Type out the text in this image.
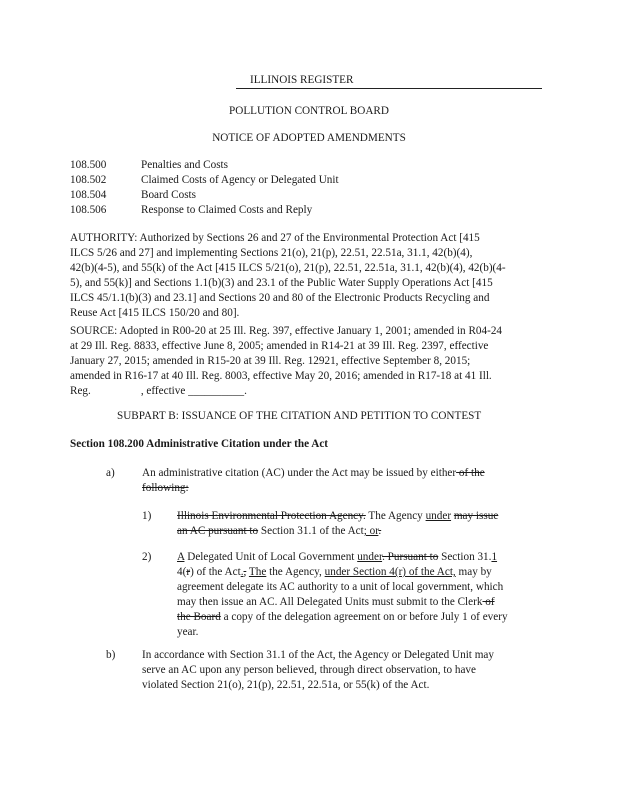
ILLINOIS REGISTER
POLLUTION CONTROL BOARD
NOTICE OF ADOPTED AMENDMENTS
108.500	Penalties and Costs
108.502	Claimed Costs of Agency or Delegated Unit
108.504	Board Costs
108.506	Response to Claimed Costs and Reply
AUTHORITY: Authorized by Sections 26 and 27 of the Environmental Protection Act [415
ILCS 5/26 and 27] and implementing Sections 21(o), 21(p), 22.51, 22.51a, 31.1, 42(b)(4),
42(b)(4-5), and 55(k) of the Act [415 ILCS 5/21(o), 21(p), 22.51, 22.51a, 31.1, 42(b)(4), 42(b)(4-
5), and 55(k)] and Sections 1.1(b)(3) and 23.1 of the Public Water Supply Operations Act [415
ILCS 45/1.1(b)(3) and 23.1] and Sections 20 and 80 of the Electronic Products Recycling and
Reuse Act [415 ILCS 150/20 and 80].
SOURCE: Adopted in R00-20 at 25 Ill. Reg. 397, effective January 1, 2001; amended in R04-24
at 29 Ill. Reg. 8833, effective June 8, 2005; amended in R14-21 at 39 Ill. Reg. 2397, effective
January 27, 2015; amended in R15-20 at 39 Ill. Reg. 12921, effective September 8, 2015;
amended in R16-17 at 40 Ill. Reg. 8003, effective May 20, 2016; amended in R17-18 at 41 Ill.
Reg.	, effective __________.
SUBPART B: ISSUANCE OF THE CITATION AND PETITION TO CONTEST
Section 108.200 Administrative Citation under the Act
a) An administrative citation (AC) under the Act may be issued by either of the
following:
1) Illinois Environmental Protection Agency. The Agency under may issue
an AC pursuant to Section 31.1 of the Act; or.
2) A Delegated Unit of Local Government under. Pursuant to Section 31.1
4(r) of the Act., The the Agency, under Section 4(r) of the Act, may by
agreement delegate its AC authority to a unit of local government, which
may then issue an AC. All Delegated Units must submit to the Clerk of
the Board a copy of the delegation agreement on or before July 1 of every
year.
b) In accordance with Section 31.1 of the Act, the Agency or Delegated Unit may
serve an AC upon any person believed, through direct observation, to have
violated Section 21(o), 21(p), 22.51, 22.51a, or 55(k) of the Act.
